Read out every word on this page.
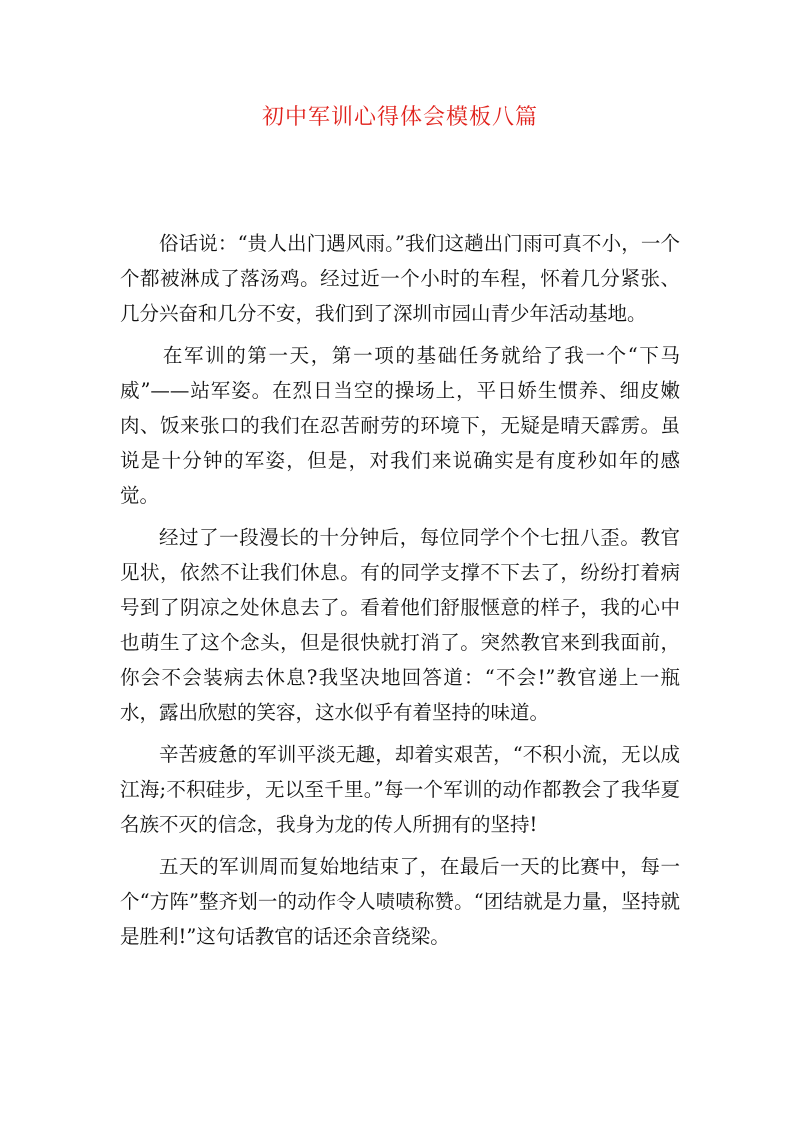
初中军训心得体会模板八篇

俗话说：“贵人出门遇风雨。”我们这趟出门雨可真不小，一个个都被淋成了落汤鸡。经过近一个小时的车程，怀着几分紧张、几分兴奋和几分不安，我们到了深圳市园山青少年活动基地。

在军训的第一天，第一项的基础任务就给了我一个“下马威”——站军姿。在烈日当空的操场上，平日娇生惯养、细皮嫩肉、饭来张口的我们在忍苦耐劳的环境下，无疑是晴天霹雳。虽说是十分钟的军姿，但是，对我们来说确实是有度秒如年的感觉。

经过了一段漫长的十分钟后，每位同学个个七扭八歪。教官见状，依然不让我们休息。有的同学支撑不下去了，纷纷打着病号到了阴凉之处休息去了。看着他们舒服惬意的样子，我的心中也萌生了这个念头，但是很快就打消了。突然教官来到我面前，你会不会装病去休息?我坚决地回答道：“不会!”教官递上一瓶水，露出欣慰的笑容，这水似乎有着坚持的味道。

辛苦疲惫的军训平淡无趣，却着实艰苦，“不积小流，无以成江海;不积硅步，无以至千里。”每一个军训的动作都教会了我华夏名族不灭的信念，我身为龙的传人所拥有的坚持!

五天的军训周而复始地结束了，在最后一天的比赛中，每一个“方阵”整齐划一的动作令人啧啧称赞。“团结就是力量，坚持就是胜利!”这句话教官的话还余音绕梁。
